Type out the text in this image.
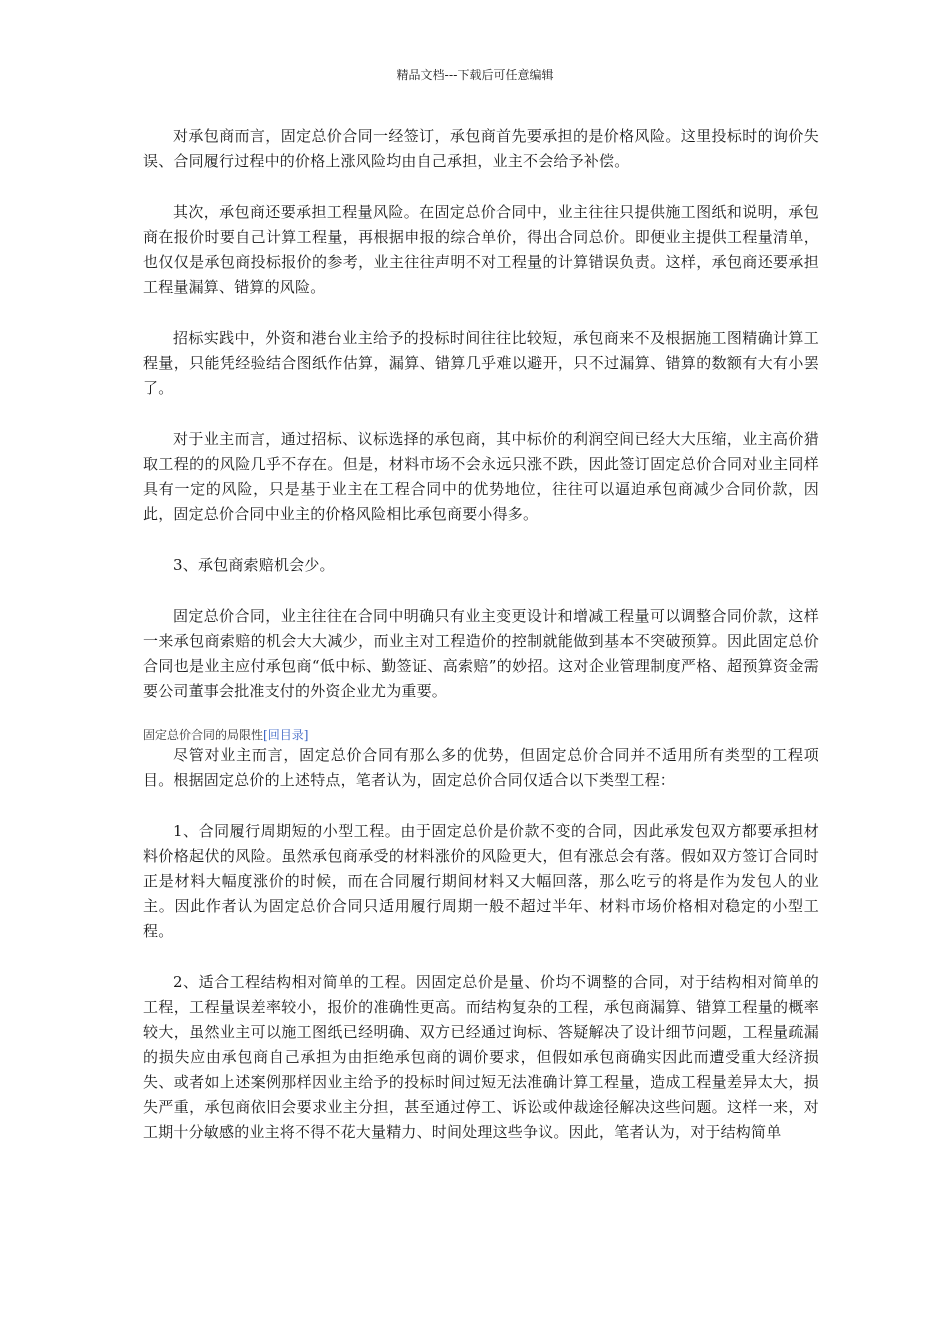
精品文档---下载后可任意编辑

对承包商而言，固定总价合同一经签订，承包商首先要承担的是价格风险。这里投标时的询价失误、合同履行过程中的价格上涨风险均由自己承担，业主不会给予补偿。

其次，承包商还要承担工程量风险。在固定总价合同中，业主往往只提供施工图纸和说明，承包商在报价时要自己计算工程量，再根据申报的综合单价，得出合同总价。即便业主提供工程量清单，也仅仅是承包商投标报价的参考，业主往往声明不对工程量的计算错误负责。这样，承包商还要承担工程量漏算、错算的风险。

招标实践中，外资和港台业主给予的投标时间往往比较短，承包商来不及根据施工图精确计算工程量，只能凭经验结合图纸作估算，漏算、错算几乎难以避开，只不过漏算、错算的数额有大有小罢了。

对于业主而言，通过招标、议标选择的承包商，其中标价的利润空间已经大大压缩，业主高价猎取工程的的风险几乎不存在。但是，材料市场不会永远只涨不跌，因此签订固定总价合同对业主同样具有一定的风险，只是基于业主在工程合同中的优势地位，往往可以逼迫承包商减少合同价款，因此，固定总价合同中业主的价格风险相比承包商要小得多。

3、承包商索赔机会少。

固定总价合同，业主往往在合同中明确只有业主变更设计和增减工程量可以调整合同价款，这样一来承包商索赔的机会大大减少，而业主对工程造价的控制就能做到基本不突破预算。因此固定总价合同也是业主应付承包商“低中标、勤签证、高索赔”的妙招。这对企业管理制度严格、超预算资金需要公司董事会批准支付的外资企业尤为重要。

固定总价合同的局限性[回目录]

尽管对业主而言，固定总价合同有那么多的优势，但固定总价合同并不适用所有类型的工程项目。根据固定总价的上述特点，笔者认为，固定总价合同仅适合以下类型工程：

1、合同履行周期短的小型工程。由于固定总价是价款不变的合同，因此承发包双方都要承担材料价格起伏的风险。虽然承包商承受的材料涨价的风险更大，但有涨总会有落。假如双方签订合同时正是材料大幅度涨价的时候，而在合同履行期间材料又大幅回落，那么吃亏的将是作为发包人的业主。因此作者认为固定总价合同只适用履行周期一般不超过半年、材料市场价格相对稳定的小型工程。

2、适合工程结构相对简单的工程。因固定总价是量、价均不调整的合同，对于结构相对简单的工程，工程量误差率较小，报价的准确性更高。而结构复杂的工程，承包商漏算、错算工程量的概率较大，虽然业主可以施工图纸已经明确、双方已经通过询标、答疑解决了设计细节问题，工程量疏漏的损失应由承包商自己承担为由拒绝承包商的调价要求，但假如承包商确实因此而遭受重大经济损失、或者如上述案例那样因业主给予的投标时间过短无法准确计算工程量，造成工程量差异太大，损失严重，承包商依旧会要求业主分担，甚至通过停工、诉讼或仲裁途径解决这些问题。这样一来，对工期十分敏感的业主将不得不花大量精力、时间处理这些争议。因此，笔者认为，对于结构简单
